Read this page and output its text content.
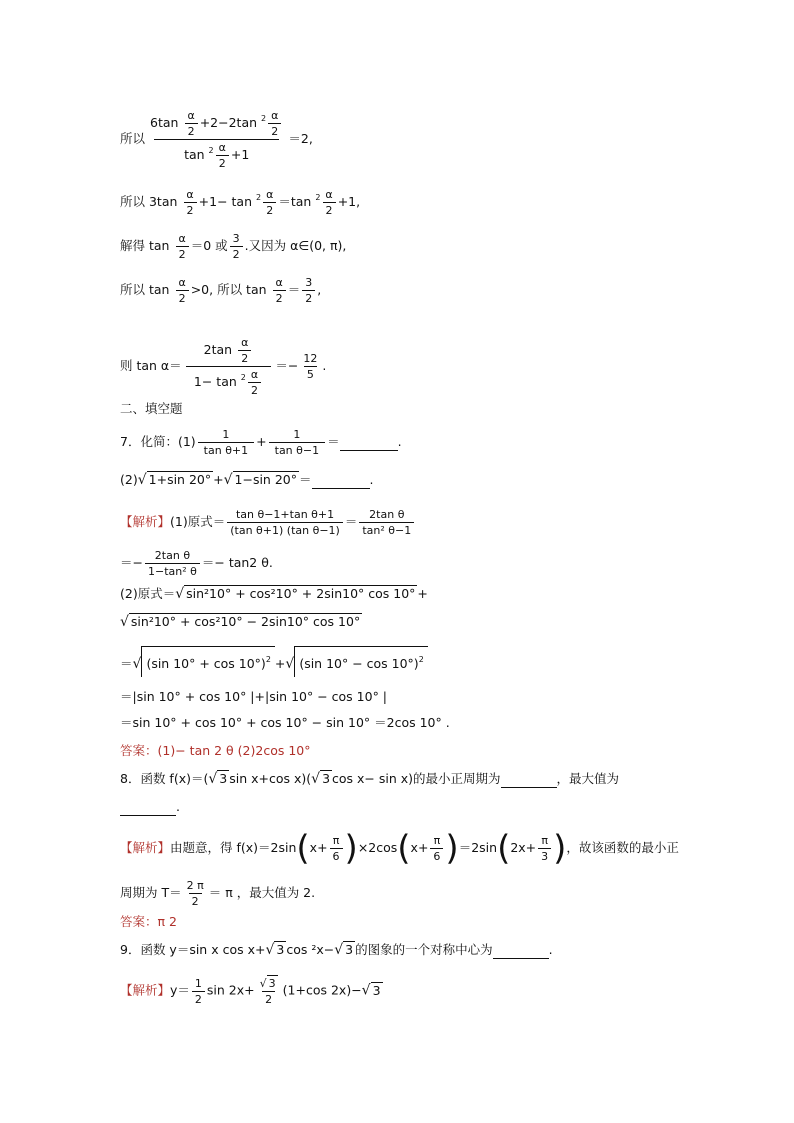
所以 $\frac{6\tan \frac{\alpha}{2} +2-2\tan ^2 \frac{\alpha}{2}}{\tan ^2 \frac{\alpha}{2} +1} =2$,
所以 $3\tan \frac{\alpha}{2} +1- \tan ^2 \frac{\alpha}{2} =\tan$ $^2 \frac{\alpha}{2} +1$,
解得 $\tan \frac{\alpha}{2} =0$ 或 $\frac{3}{2}$ .又因为 α∈(0, π),
所以 $\tan \frac{\alpha}{2} >0$, 所以 $\tan \frac{\alpha}{2} = \frac{3}{2}$ ,
则 $\tan \alpha= \frac{2\tan \frac{\alpha}{2}}{1- \tan ^2 \frac{\alpha}{2}} =- \frac{12}{5}$ .
二、填空题
7．化简：$(1) \frac{1}{\text{tan θ+1}} + \frac{1}{\text{tan θ−1}}$ ＝	.
(2)√ 1+sin 20° +√ 1−sin 20° ＝	.
【解析】(1)原式＝ $\frac{\text{tan θ−1+tan θ+1}}{\text{(tan θ+1) (tan θ−1)}} = \frac{\text{2tan θ}}{\text{tan² θ−1}}$
＝− $\frac{\text{2tan θ}}{\text{1−tan² θ}} =- \tan 2$ θ.
(2)原式＝√ sin²10° + cos²10° + 2sin10° cos 10° +
√ sin²10° + cos²10° − 2sin10° cos 10°
＝√ (sin 10° + cos 10°)$^2$ +√ (sin 10° − cos 10°)$^2$
＝|sin 10° + cos 10° |+|sin 10° − cos 10° |
＝sin 10° + cos 10° + cos 10° − sin 10° ＝2cos 10° .
答案：(1)− tan 2 θ (2)2cos 10°
8．函数 f(x)＝(√ 3 sin x+cos x)(√ 3 cos x− sin x)的最小正周期为	，最大值为
.
【解析】由题意，得 $f(x)=2\sin(x+ \frac{\pi}{6} )\times 2\cos(x+ \frac{\pi}{6} )=2\sin(2x+ \frac{\pi}{3}$ )，故该函数的最小正
周期为 $T= \frac{2 \pi}{2} = \pi$ ，最大值为 2.
答案：π 2
9．函数 y＝sin x cos x+√ 3 cos ²x−√ 3 的图象的一个对称中心为	.
【解析】$y= \frac{1}{2}$ $\sin 2x+ \frac{√ 3}{2} (1+\cos$ 2x)−√ 3
